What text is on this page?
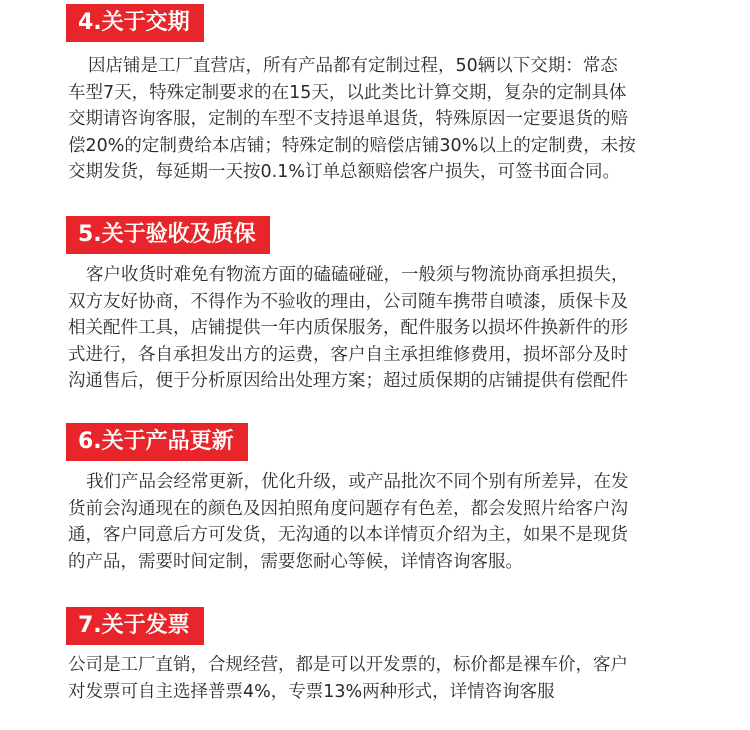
4.关于交期
因店铺是工厂直营店，所有产品都有定制过程，50辆以下交期：常态
车型7天，特殊定制要求的在15天，以此类比计算交期，复杂的定制具体
交期请咨询客服，定制的车型不支持退单退货，特殊原因一定要退货的赔
偿20%的定制费给本店铺；特殊定制的赔偿店铺30%以上的定制费，未按
交期发货，每延期一天按0.1%订单总额赔偿客户损失，可签书面合同。
5.关于验收及质保
客户收货时难免有物流方面的磕磕碰碰，一般须与物流协商承担损失，
双方友好协商，不得作为不验收的理由，公司随车携带自喷漆，质保卡及
相关配件工具，店铺提供一年内质保服务，配件服务以损坏件换新件的形
式进行，各自承担发出方的运费，客户自主承担维修费用，损坏部分及时
沟通售后，便于分析原因给出处理方案；超过质保期的店铺提供有偿配件
6.关于产品更新
我们产品会经常更新，优化升级，或产品批次不同个别有所差异，在发
货前会沟通现在的颜色及因拍照角度问题存有色差，都会发照片给客户沟
通，客户同意后方可发货，无沟通的以本详情页介绍为主，如果不是现货
的产品，需要时间定制，需要您耐心等候，详情咨询客服。
7.关于发票
公司是工厂直销，合规经营，都是可以开发票的，标价都是裸车价，客户
对发票可自主选择普票4%，专票13%两种形式，详情咨询客服
